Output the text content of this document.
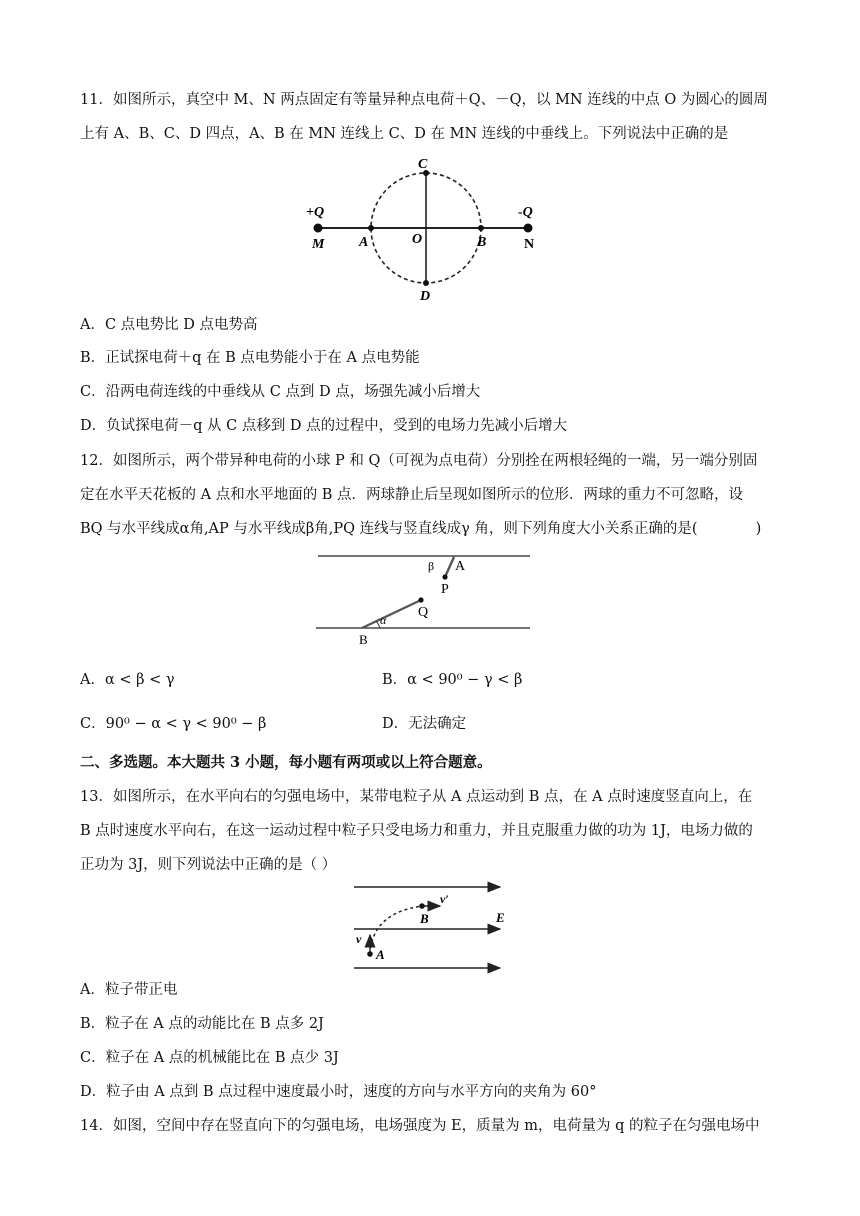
11．如图所示，真空中 M、N 两点固定有等量异种点电荷＋Q、－Q，以 MN 连线的中点 O 为圆心的圆周
上有 A、B、C、D 四点，A、B 在 MN 连线上 C、D 在 MN 连线的中垂线上。下列说法中正确的是
+Q	-Q
M	N
A	O	B
C
D
A．C 点电势比 D 点电势高
B．正试探电荷＋q 在 B 点电势能小于在 A 点电势能
C．沿两电荷连线的中垂线从 C 点到 D 点，场强先减小后增大
D．负试探电荷－q 从 C 点移到 D 点的过程中，受到的电场力先减小后增大
12．如图所示，两个带异种电荷的小球 P 和 Q（可视为点电荷）分别拴在两根轻绳的一端，另一端分别固
定在水平天花板的 A 点和水平地面的 B 点．两球静止后呈现如图所示的位形．两球的重力不可忽略，设
BQ 与水平线成α角,AP 与水平线成β角,PQ 连线与竖直线成γ 角，则下列角度大小关系正确的是(　　　　)
β A
P
Q
α
B
A．α < β < γ	B．α < 90⁰ − γ < β
C．90⁰ − α < γ < 90⁰ − β	D．无法确定
二、多选题。本大题共 3 小题，每小题有两项或以上符合题意。
13．如图所示，在水平向右的匀强电场中，某带电粒子从 A 点运动到 B 点，在 A 点时速度竖直向上，在
B 点时速度水平向右，在这一运动过程中粒子只受电场力和重力，并且克服重力做的功为 1J，电场力做的
正功为 3J，则下列说法中正确的是（ ）
v′
B	E
v
A
A．粒子带正电
B．粒子在 A 点的动能比在 B 点多 2J
C．粒子在 A 点的机械能比在 B 点少 3J
D．粒子由 A 点到 B 点过程中速度最小时，速度的方向与水平方向的夹角为 60°
14．如图，空间中存在竖直向下的匀强电场，电场强度为 E，质量为 m，电荷量为 q 的粒子在匀强电场中
